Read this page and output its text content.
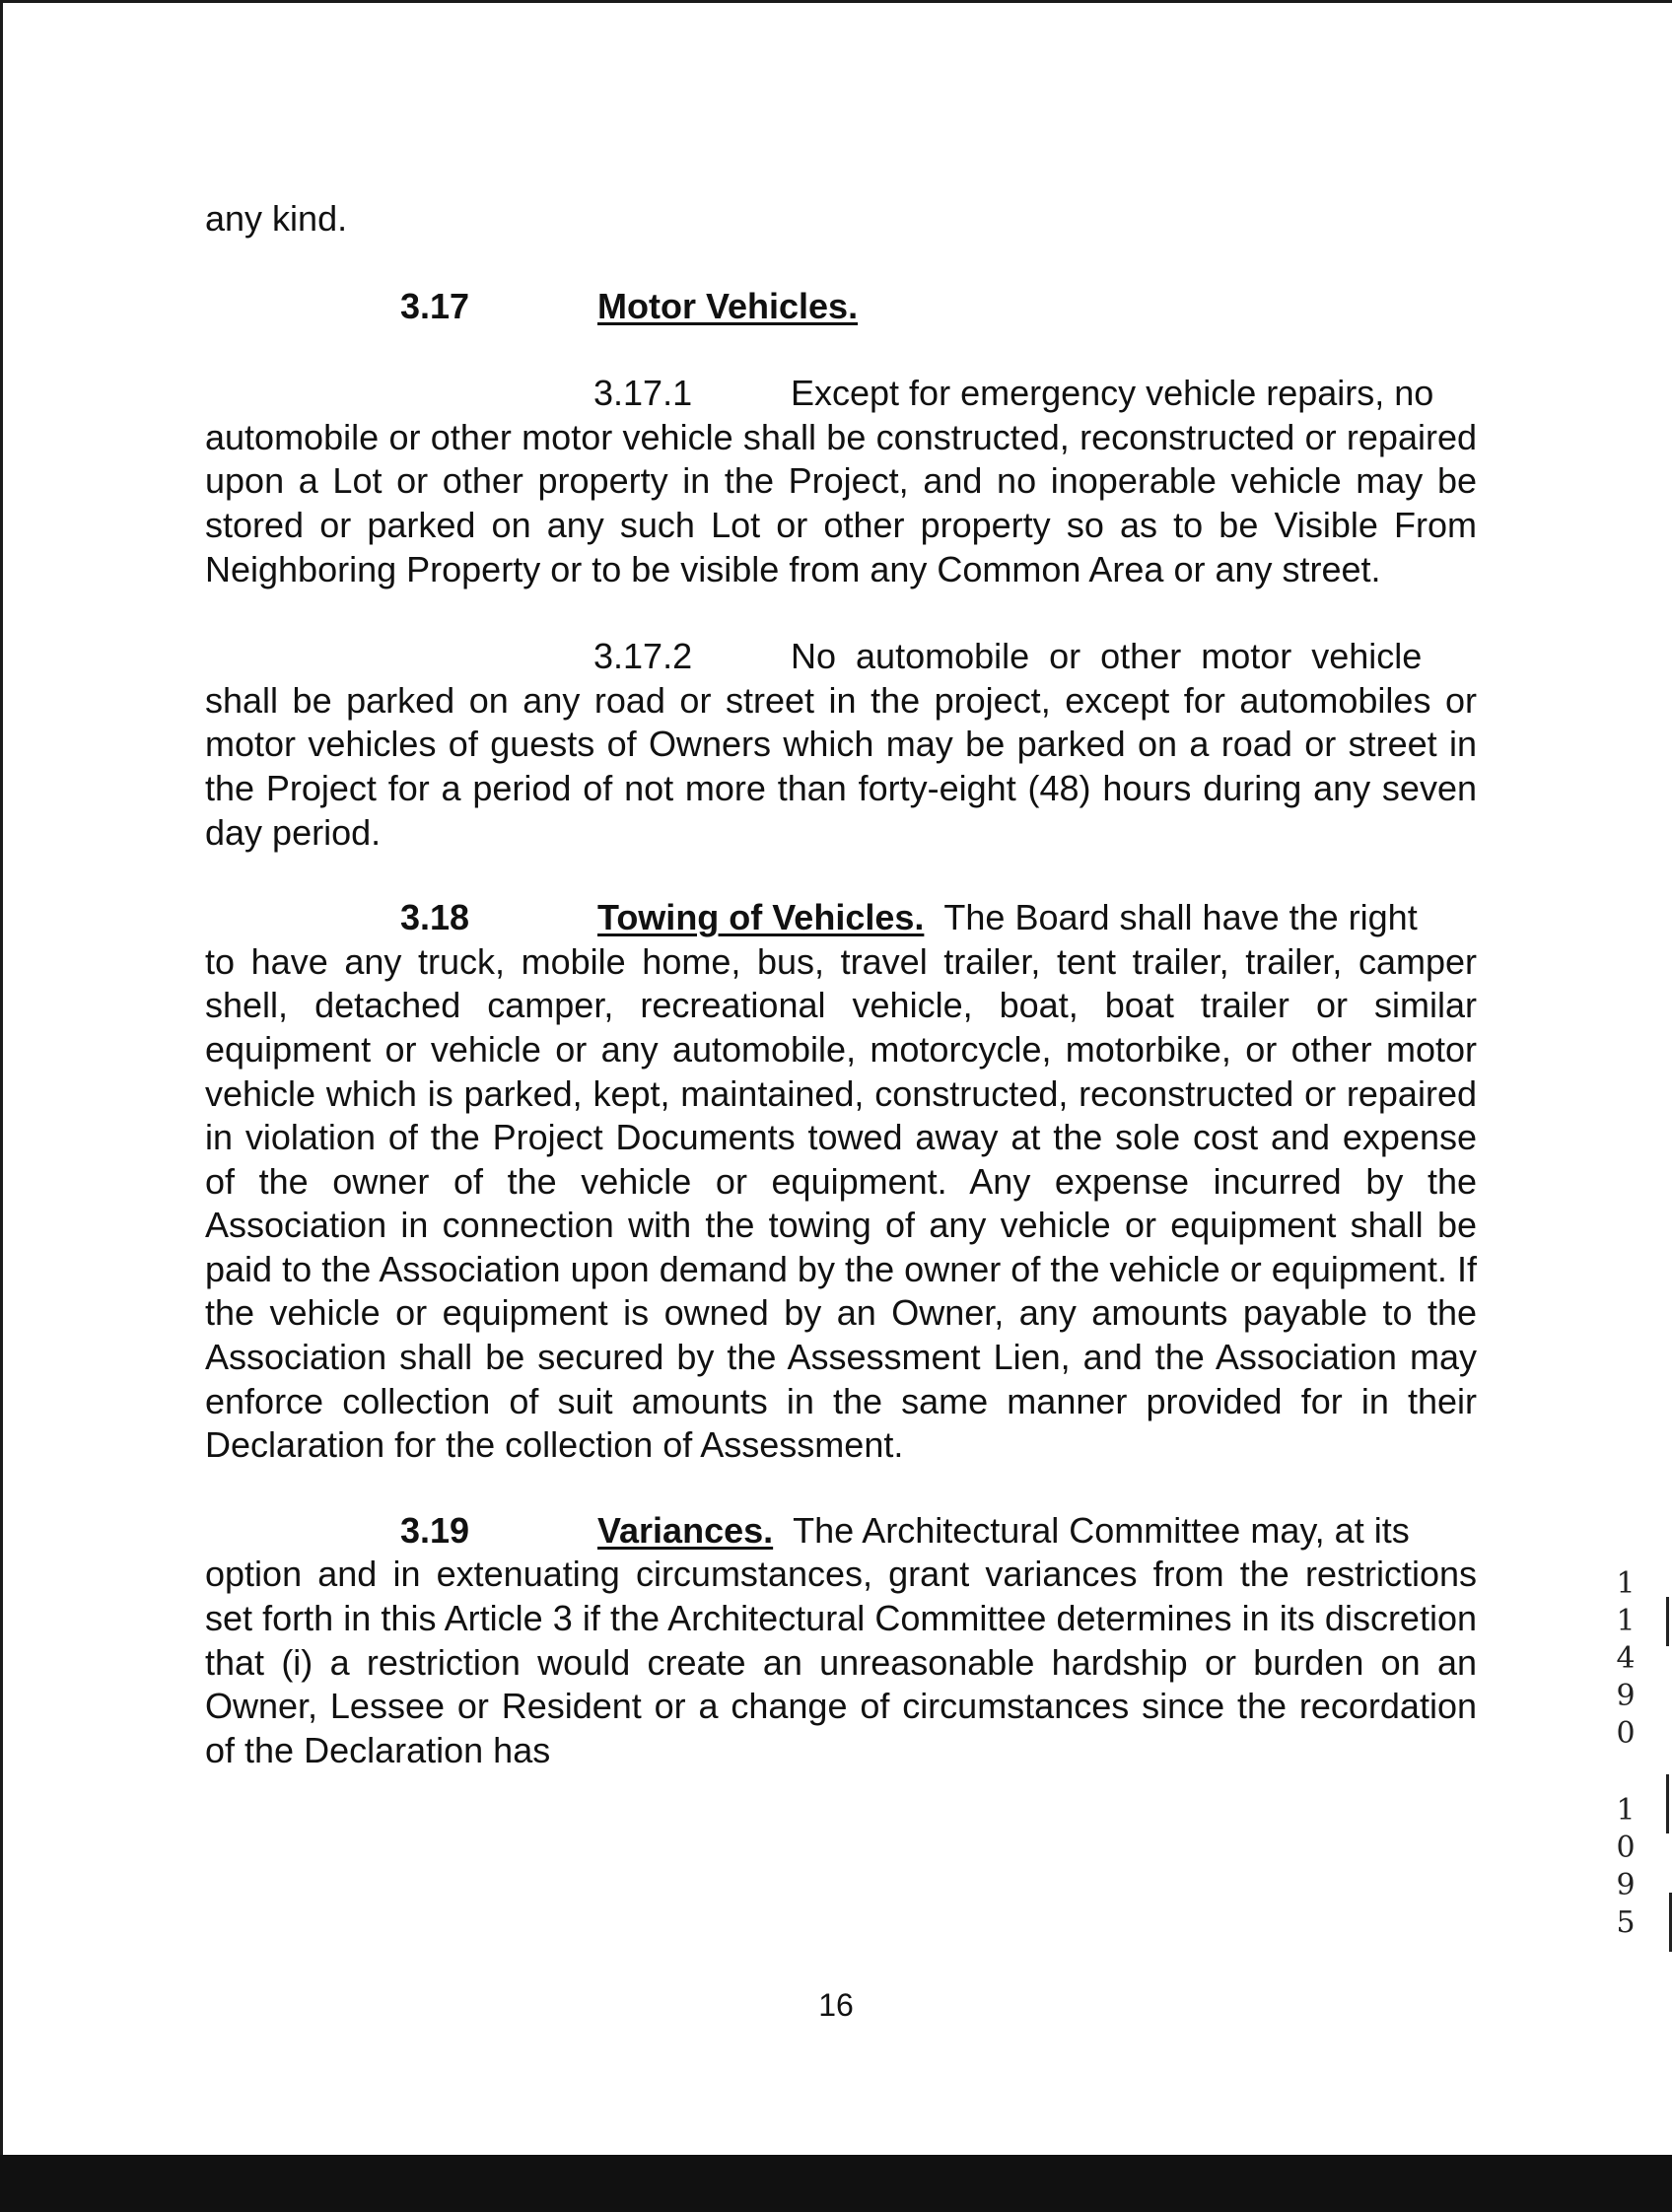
any kind.

3.17	Motor Vehicles.

3.17.1	Except for emergency vehicle repairs, no

automobile or other motor vehicle shall be constructed, reconstructed or repaired upon a Lot or other property in the Project, and no inoperable vehicle may be stored or parked on any such Lot or other property so as to be Visible From Neighboring Property or to be visible from any Common Area or any street.

3.17.2	No automobile or other motor vehicle

shall be parked on any road or street in the project, except for automobiles or motor vehicles of guests of Owners which may be parked on a road or street in the Project for a period of not more than forty-eight (48) hours during any seven day period.

3.18	Towing of Vehicles. The Board shall have the right

to have any truck, mobile home, bus, travel trailer, tent trailer, trailer, camper shell, detached camper, recreational vehicle, boat, boat trailer or similar equipment or vehicle or any automobile, motorcycle, motorbike, or other motor vehicle which is parked, kept, maintained, constructed, reconstructed or repaired in violation of the Project Documents towed away at the sole cost and expense of the owner of the vehicle or equipment. Any expense incurred by the Association in connection with the towing of any vehicle or equipment shall be paid to the Association upon demand by the owner of the vehicle or equipment. If the vehicle or equipment is owned by an Owner, any amounts payable to the Association shall be secured by the Assessment Lien, and the Association may enforce collection of suit amounts in the same manner provided for in their Declaration for the collection of Assessment.

3.19	Variances. The Architectural Committee may, at its

option and in extenuating circumstances, grant variances from the restrictions set forth in this Article 3 if the Architectural Committee determines in its discretion that (i) a restriction would create an unreasonable hardship or burden on an Owner, Lessee or Resident or a change of circumstances since the recordation of the Declaration has

16
1
1
4
9
0
1
0
9
5
